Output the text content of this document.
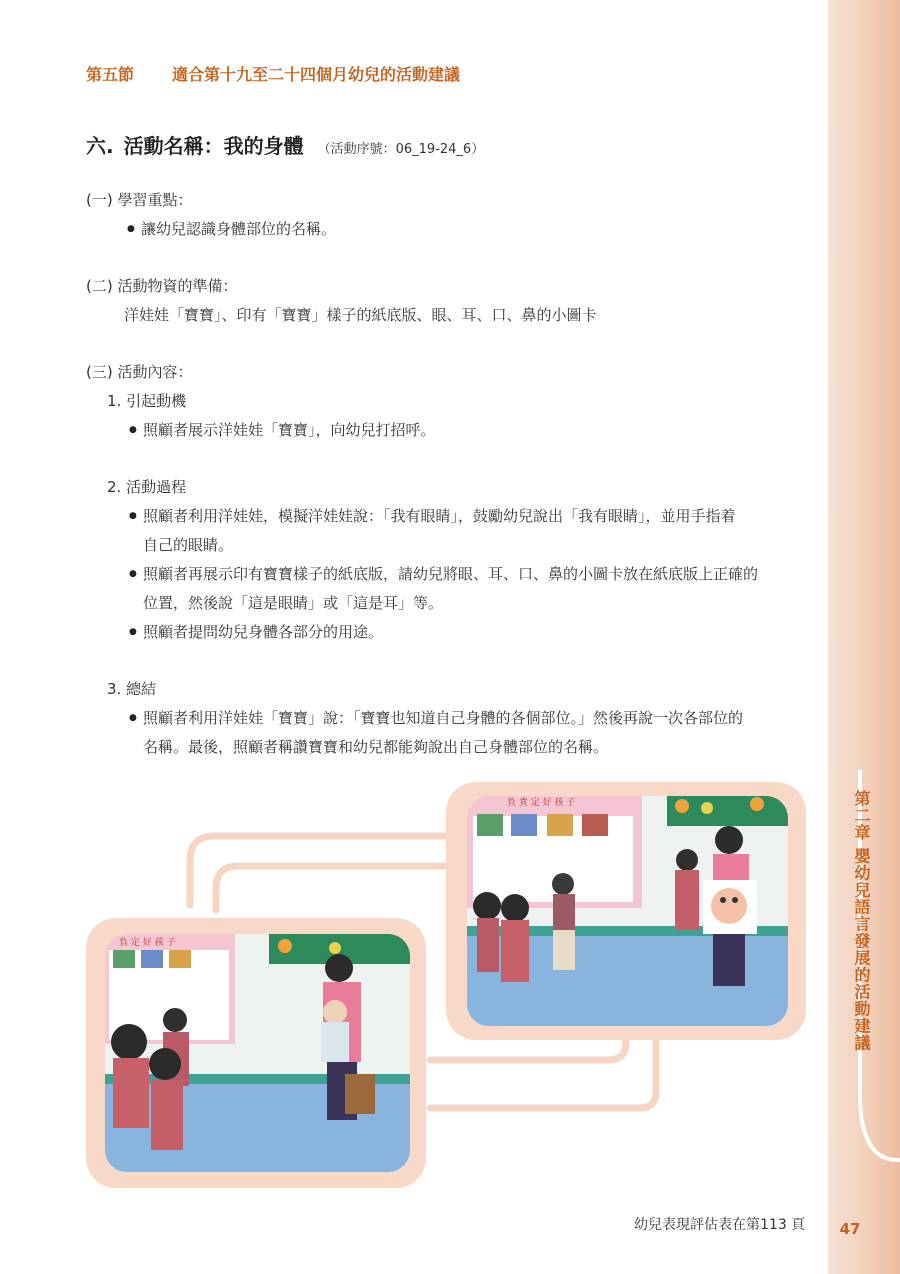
第二章 嬰幼兒語言發展的活動建議
47
第五節 適合第十九至二十四個月幼兒的活動建議
六. 活動名稱：我的身體 （活動序號：06_19-24_6）
(一) 學習重點：
● 讓幼兒認識身體部位的名稱。
(二) 活動物資的準備：
洋娃娃「寶寶」、印有「寶寶」樣子的紙底版、眼、耳、口、鼻的小圖卡
(三) 活動內容：
1. 引起動機
● 照顧者展示洋娃娃「寶寶」，向幼兒打招呼。
2. 活動過程
● 照顧者利用洋娃娃，模擬洋娃娃說：「我有眼睛」，鼓勵幼兒說出「我有眼睛」，並用手指着
自己的眼睛。
● 照顧者再展示印有寶寶樣子的紙底版，請幼兒將眼、耳、口、鼻的小圖卡放在紙底版上正確的
位置，然後說「這是眼睛」或「這是耳」等。
● 照顧者提問幼兒身體各部分的用途。
3. 總結
● 照顧者利用洋娃娃「寶寶」說：「寶寶也知道自己身體的各個部位。」然後再說一次各部位的
名稱。最後，照顧者稱讚寶寶和幼兒都能夠說出自己身體部位的名稱。
負 責 定 好 孩 子
負 定 好 孩 子
幼兒表現評估表在第113 頁
